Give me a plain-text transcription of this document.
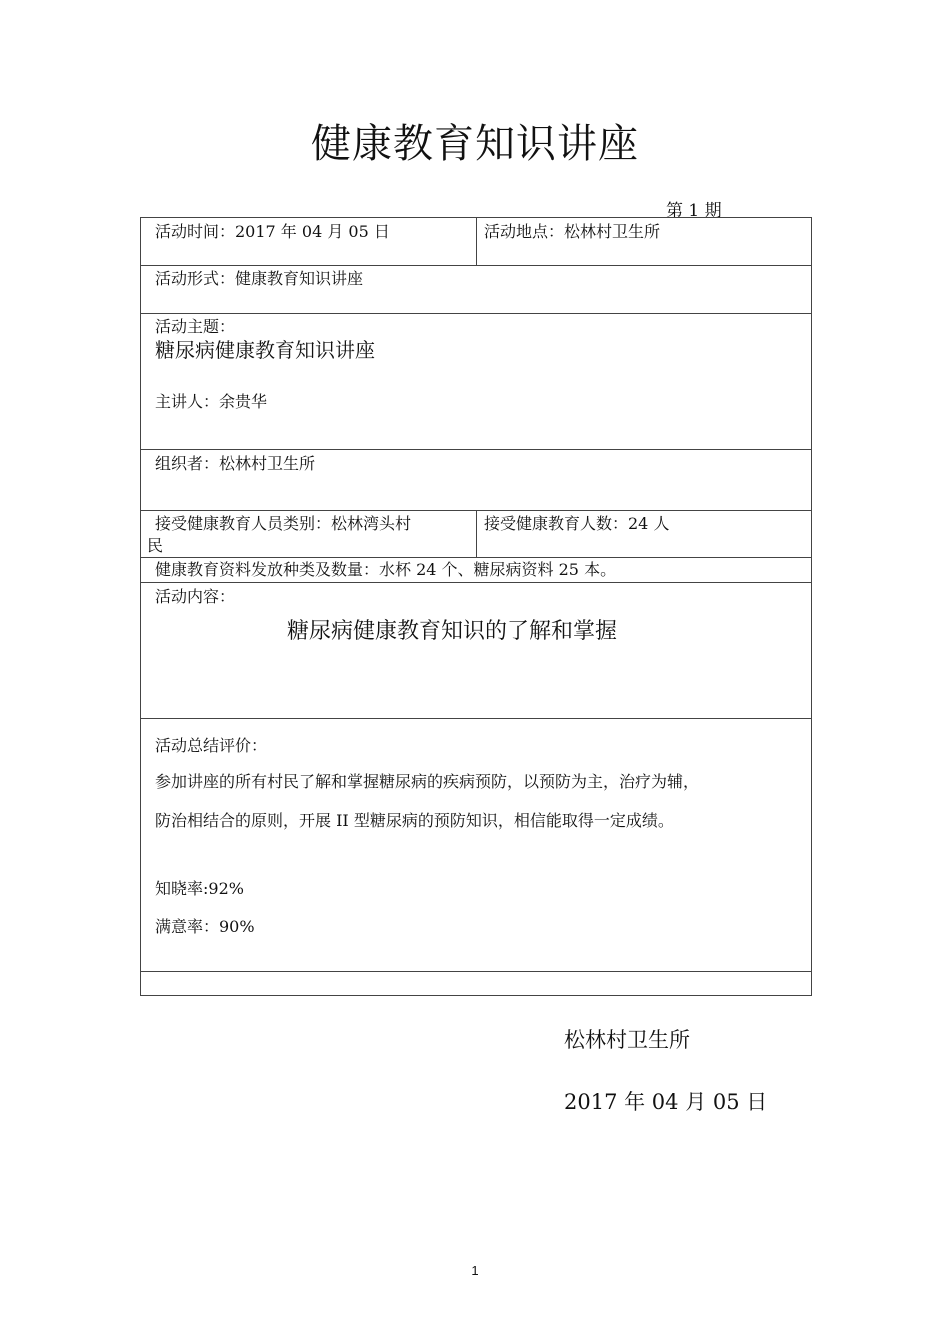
健康教育知识讲座
第 1 期
活动时间：2017 年 04 月 05 日	活动地点：松林村卫生所
活动形式：健康教育知识讲座
活动主题：
糖尿病健康教育知识讲座
主讲人：余贵华
组织者：松林村卫生所
接受健康教育人员类别：松林湾头村
民
接受健康教育人数：24 人
健康教育资料发放种类及数量：水杯 24 个、糖尿病资料 25 本。
活动内容：
糖尿病健康教育知识的了解和掌握
活动总结评价：
参加讲座的所有村民了解和掌握糖尿病的疾病预防，以预防为主，治疗为辅，
防治相结合的原则，开展 II 型糖尿病的预防知识，相信能取得一定成绩。
知晓率:92%
满意率：90%
松林村卫生所
2017 年 04 月 05 日
1
